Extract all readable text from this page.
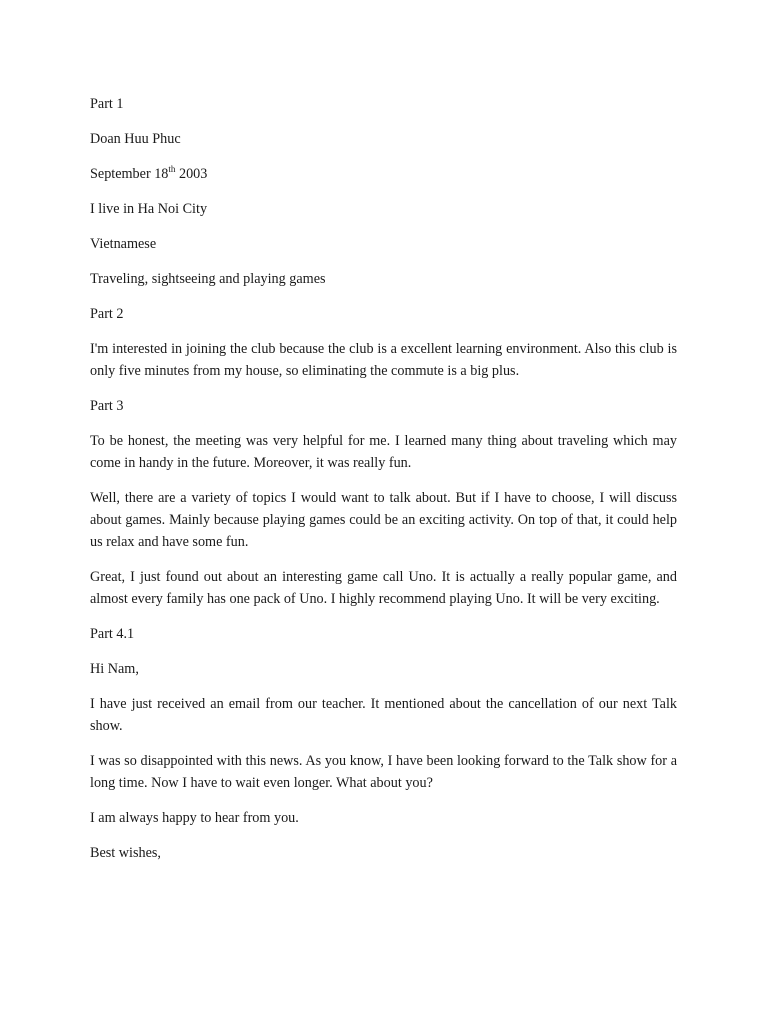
Part 1

Doan Huu Phuc

September 18th 2003

I live in Ha Noi City

Vietnamese

Traveling, sightseeing and playing games

Part 2

I'm interested in joining the club because the club is a excellent learning environment. Also this club is only five minutes from my house, so eliminating the commute is a big plus.

Part 3

To be honest, the meeting was very helpful for me. I learned many thing about traveling which may come in handy in the future. Moreover, it was really fun.

Well, there are a variety of topics I would want to talk about. But if I have to choose, I will discuss about games. Mainly because playing games could be an exciting activity. On top of that, it could help us relax and have some fun.

Great, I just found out about an interesting game call Uno. It is actually a really popular game, and almost every family has one pack of Uno. I highly recommend playing Uno. It will be very exciting.

Part 4.1

Hi Nam,

I have just received an email from our teacher. It mentioned about the cancellation of our next Talk show.

I was so disappointed with this news. As you know, I have been looking forward to the Talk show for a long time. Now I have to wait even longer. What about you?

I am always happy to hear from you.

Best wishes,
